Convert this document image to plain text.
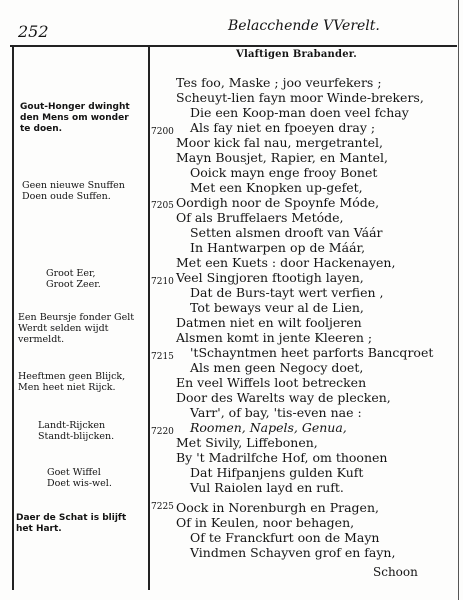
252	Belacchende VVerelt.
Vlaftigen Brabander.
Gout-Honger dwinght
den Mens om wonder
te doen.
Geen nieuwe Snuffen
Doen oude Suffen.
Groot Eer,
Groot Zeer.
Een Beursje fonder Gelt
Werdt selden wijdt
vermeldt.
Heeftmen geen Blijck,
Men heet niet Rijck.
Landt-Rijcken
Standt-blijcken.
Goet Wiffel
Doet wis-wel.
Daer de Schat is blijft
het Hart.
7200
7205
7210
7215
7220
7225
Tes foo, Maske ; joo veurfekers ;
Scheuyt-lien fayn moor Winde-brekers,
Die een Koop-man doen veel fchay
Als fay niet en fpoeyen dray ;
Moor kick fal nau, mergetrantel,
Mayn Bousjet, Rapier, en Mantel,
Ooick mayn enge frooy Bonet
Met een Knopken up-gefet,
Oordigh noor de Spoynfe Móde,
Of als Bruffelaers Metóde,
Setten alsmen drooft van Váár
In Hantwarpen op de Máár,
Met een Kuets : door Hackenayen,
Veel Singjoren ftootigh layen,
Dat de Burs-tayt wert verfien ,
Tot beways veur al de Lien,
Datmen niet en wilt fooljeren
Alsmen komt in jente Kleeren ;
'tSchayntmen heet parforts Bancqroet
Als men geen Negocy doet,
En veel Wiffels loot betrecken
Door des Warelts way de plecken,
Varr', of bay, 'tis-even nae :
Roomen, Napels, Genua,
Met Sivily, Liffebonen,
By 't Madrilfche Hof, om thoonen
Dat Hifpanjens gulden Kuft
Vul Raiolen layd en ruft.
Oock in Norenburgh en Pragen,
Of in Keulen, noor behagen,
Of te Franckfurt oon de Mayn
Vindmen Schayven grof en fayn,
Schoon
